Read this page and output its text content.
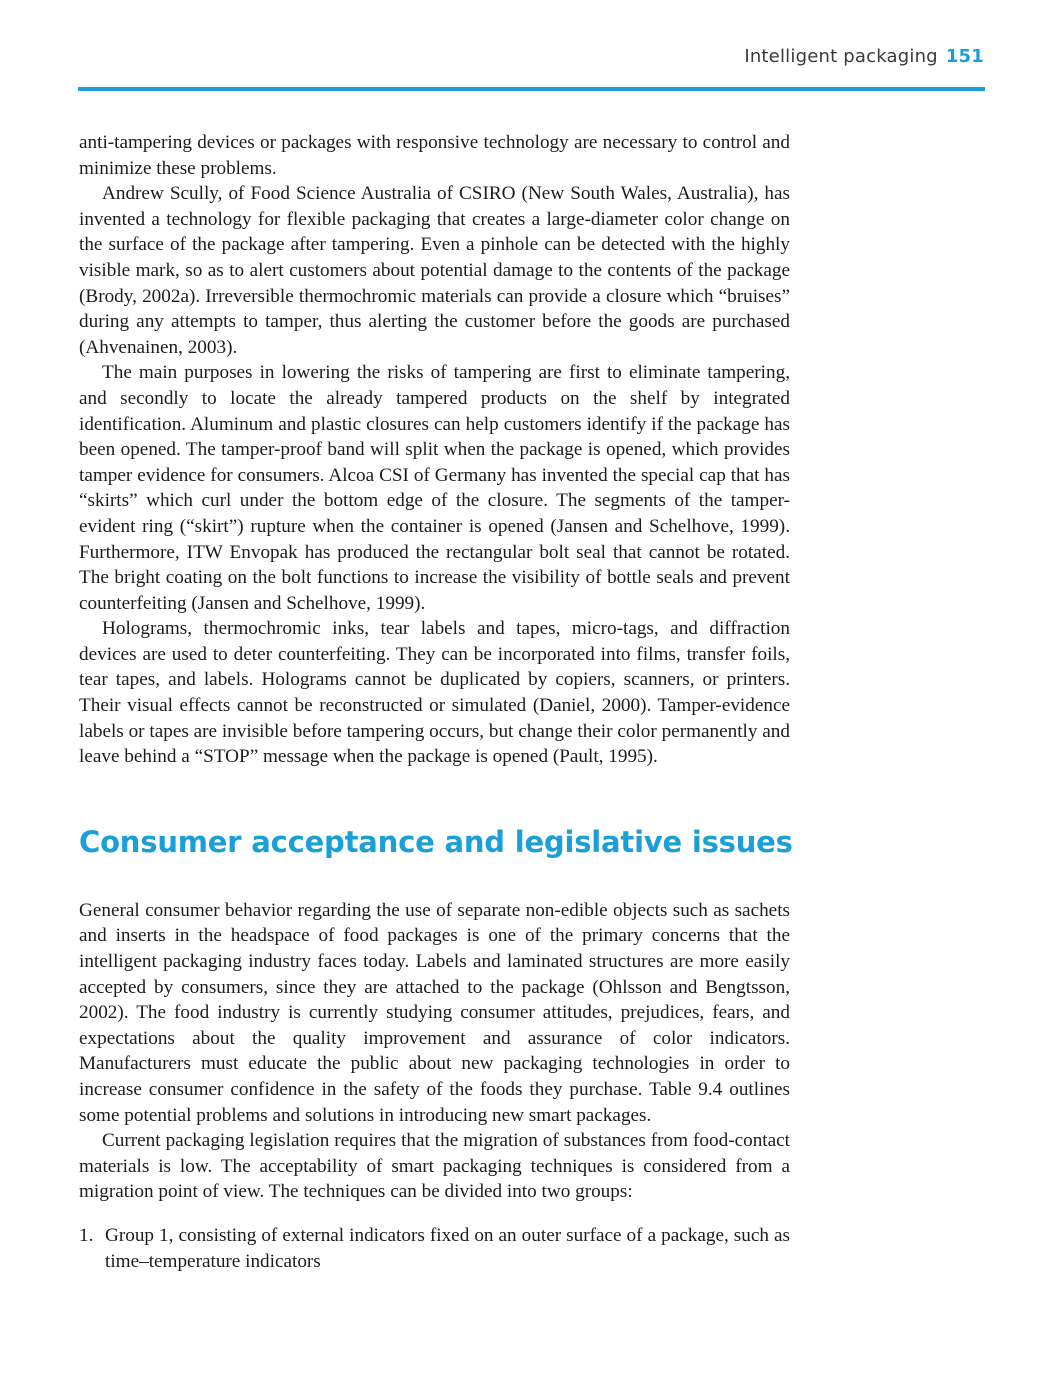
Intelligent packaging 151

anti-tampering devices or packages with responsive technology are necessary to control and minimize these problems.

Andrew Scully, of Food Science Australia of CSIRO (New South Wales, Australia), has invented a technology for flexible packaging that creates a large-diameter color change on the surface of the package after tampering. Even a pinhole can be detected with the highly visible mark, so as to alert customers about potential damage to the contents of the package (Brody, 2002a). Irreversible thermochromic materials can provide a closure which “bruises” during any attempts to tamper, thus alerting the customer before the goods are purchased (Ahvenainen, 2003).

The main purposes in lowering the risks of tampering are first to eliminate tampering, and secondly to locate the already tampered products on the shelf by integrated identification. Aluminum and plastic closures can help customers identify if the package has been opened. The tamper-proof band will split when the package is opened, which provides tamper evidence for consumers. Alcoa CSI of Germany has invented the special cap that has “skirts” which curl under the bottom edge of the closure. The segments of the tamper-evident ring (“skirt”) rupture when the container is opened (Jansen and Schelhove, 1999). Furthermore, ITW Envopak has produced the rectangular bolt seal that cannot be rotated. The bright coating on the bolt functions to increase the visibility of bottle seals and prevent counterfeiting (Jansen and Schelhove, 1999).

Holograms, thermochromic inks, tear labels and tapes, micro-tags, and diffraction devices are used to deter counterfeiting. They can be incorporated into films, transfer foils, tear tapes, and labels. Holograms cannot be duplicated by copiers, scanners, or printers. Their visual effects cannot be reconstructed or simulated (Daniel, 2000). Tamper-evidence labels or tapes are invisible before tampering occurs, but change their color permanently and leave behind a “STOP” message when the package is opened (Pault, 1995).

Consumer acceptance and legislative issues

General consumer behavior regarding the use of separate non-edible objects such as sachets and inserts in the headspace of food packages is one of the primary concerns that the intelligent packaging industry faces today. Labels and laminated structures are more easily accepted by consumers, since they are attached to the package (Ohlsson and Bengtsson, 2002). The food industry is currently studying consumer attitudes, prejudices, fears, and expectations about the quality improvement and assurance of color indicators. Manufacturers must educate the public about new packaging technologies in order to increase consumer confidence in the safety of the foods they purchase. Table 9.4 outlines some potential problems and solutions in introducing new smart packages.

Current packaging legislation requires that the migration of substances from food-contact materials is low. The acceptability of smart packaging techniques is considered from a migration point of view. The techniques can be divided into two groups:

1. Group 1, consisting of external indicators fixed on an outer surface of a package, such as time–temperature indicators
